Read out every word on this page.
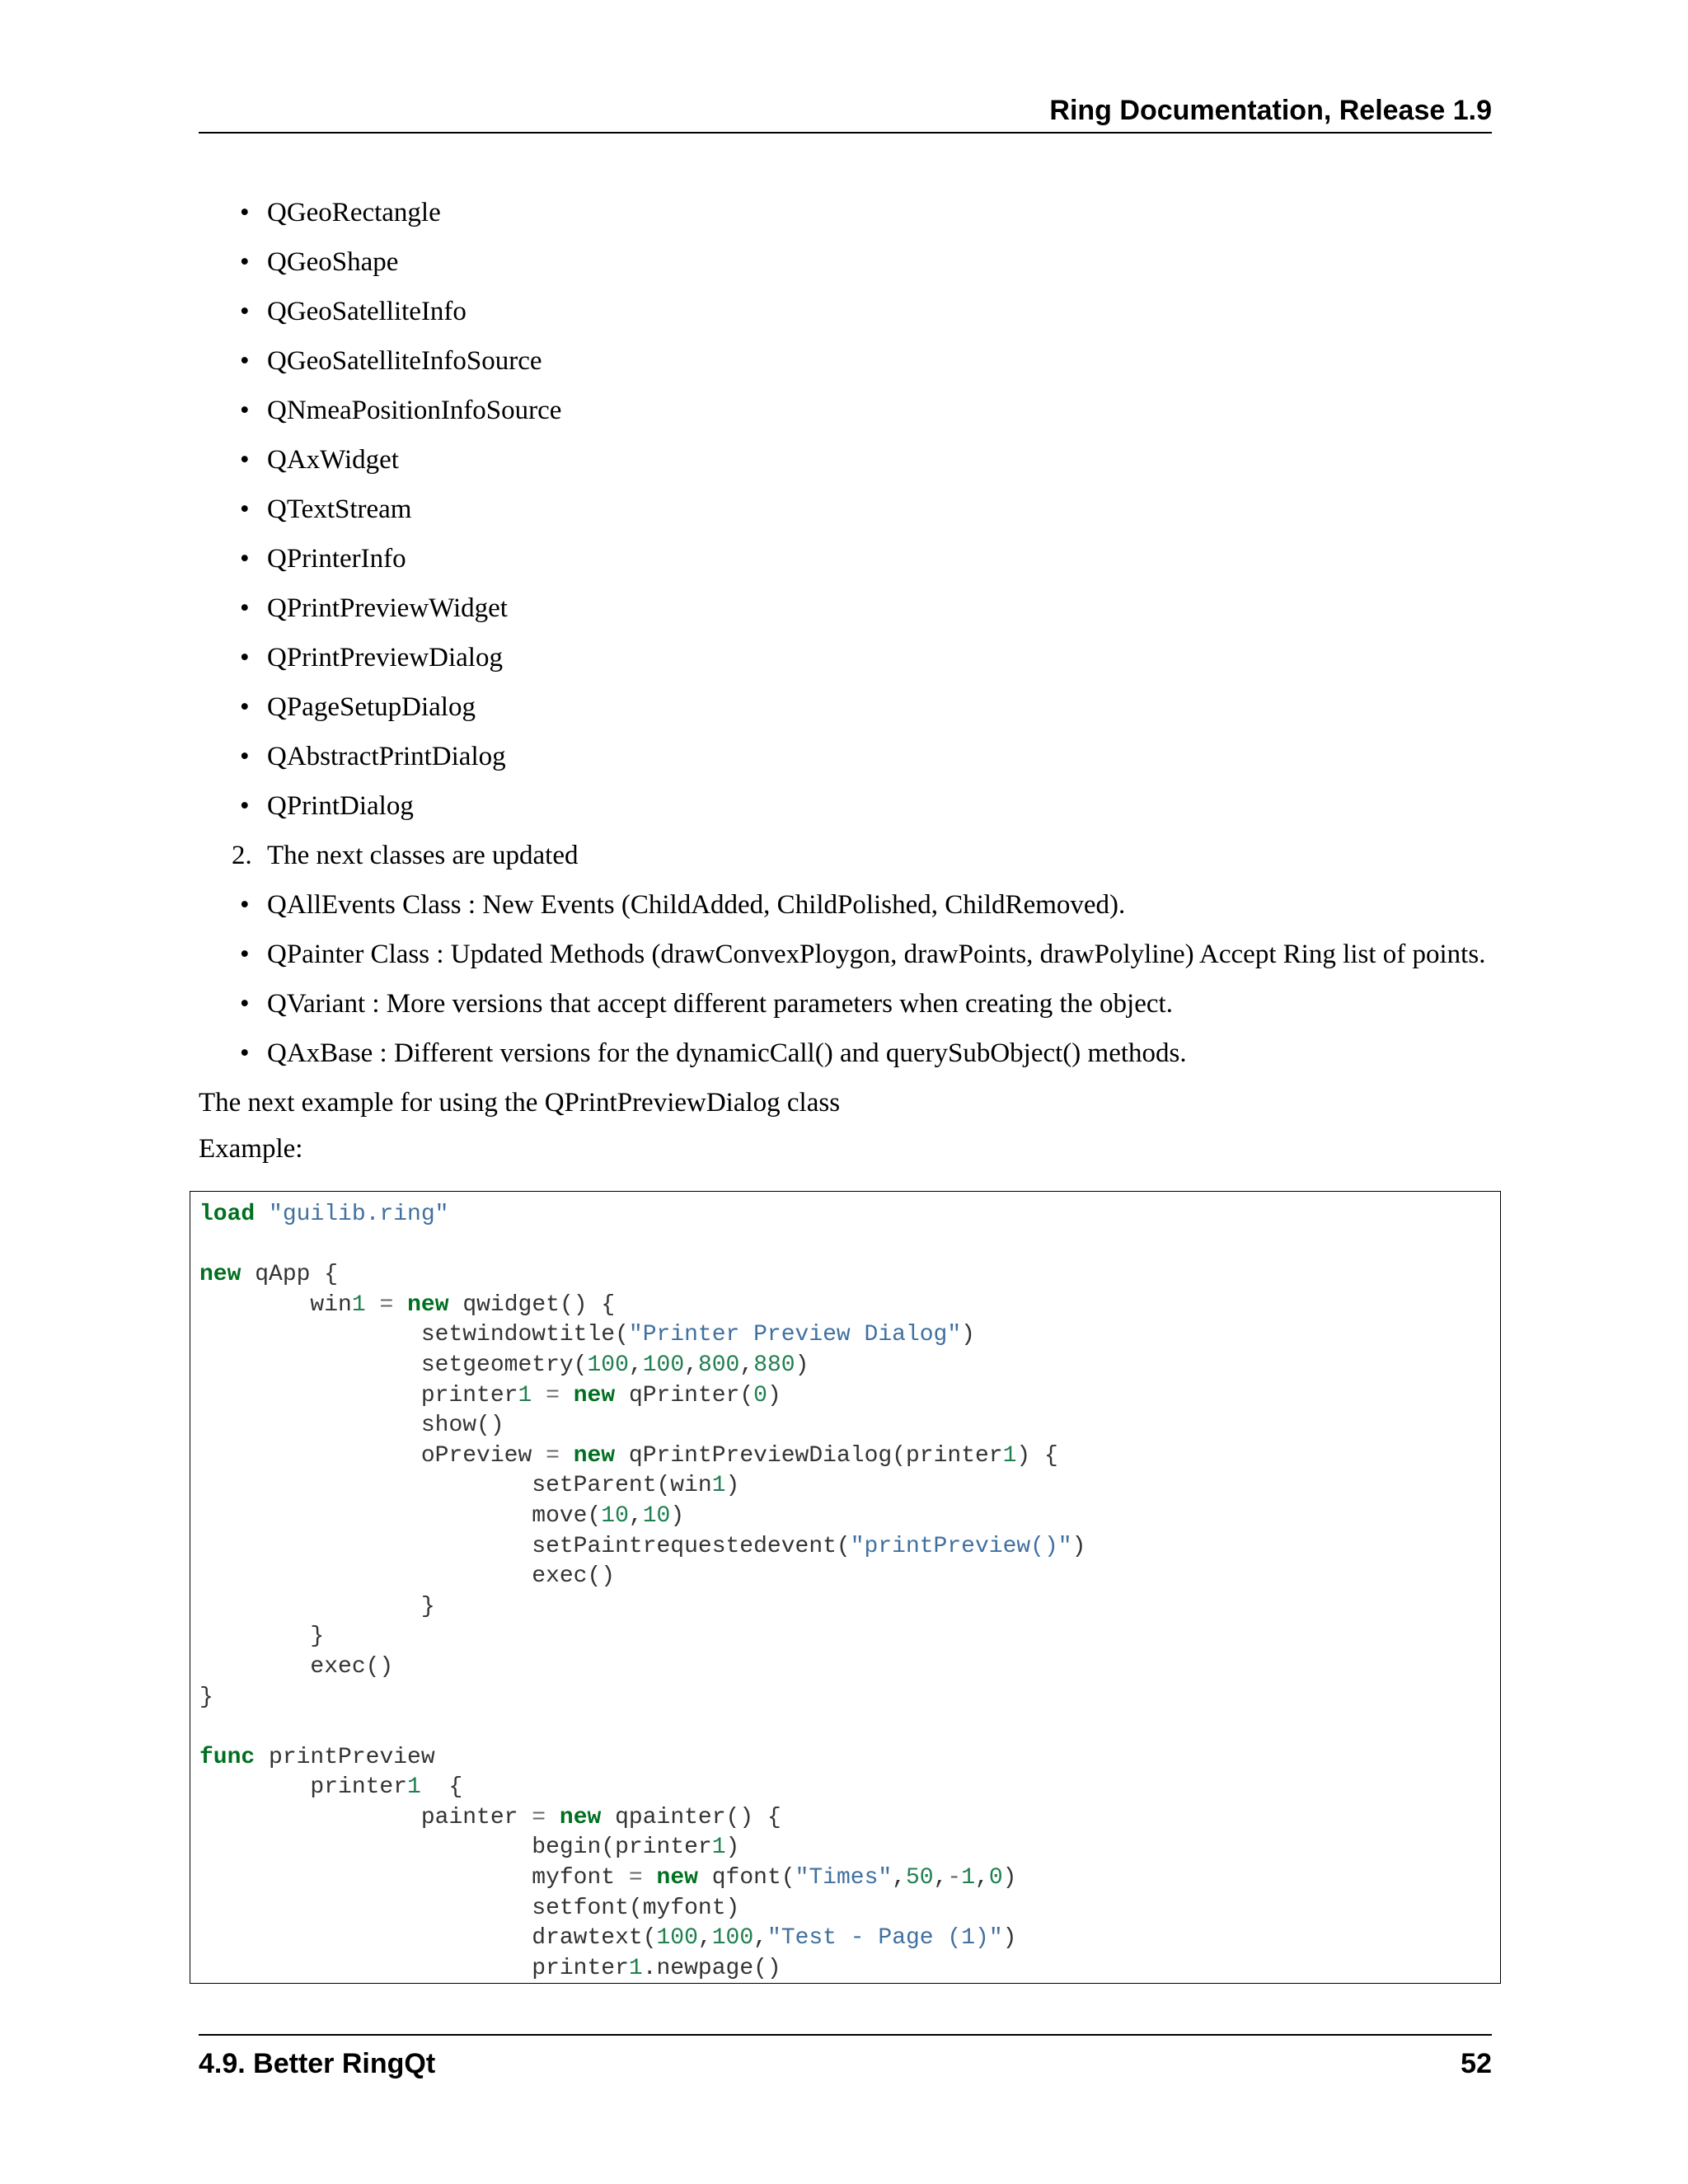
Ring Documentation, Release 1.9
• QGeoRectangle
• QGeoShape
• QGeoSatelliteInfo
• QGeoSatelliteInfoSource
• QNmeaPositionInfoSource
• QAxWidget
• QTextStream
• QPrinterInfo
• QPrintPreviewWidget
• QPrintPreviewDialog
• QPageSetupDialog
• QAbstractPrintDialog
• QPrintDialog
2. The next classes are updated
• QAllEvents Class : New Events (ChildAdded, ChildPolished, ChildRemoved).
• QPainter Class : Updated Methods (drawConvexPloygon, drawPoints, drawPolyline) Accept Ring list of points.
• QVariant : More versions that accept different parameters when creating the object.
• QAxBase : Different versions for the dynamicCall() and querySubObject() methods.
The next example for using the QPrintPreviewDialog class
Example:
load "guilib.ring"

new qApp {
win1 = new qwidget() {
setwindowtitle("Printer Preview Dialog")
setgeometry(100,100,800,880)
printer1 = new qPrinter(0)
show()
oPreview = new qPrintPreviewDialog(printer1) {
setParent(win1)
move(10,10)
setPaintrequestedevent("printPreview()")
exec()
}
}
exec()
}

func printPreview
printer1  {
painter = new qpainter() {
begin(printer1)
myfont = new qfont("Times",50,-1,0)
setfont(myfont)
drawtext(100,100,"Test - Page (1)")
printer1.newpage()
4.9. Better RingQt	52
